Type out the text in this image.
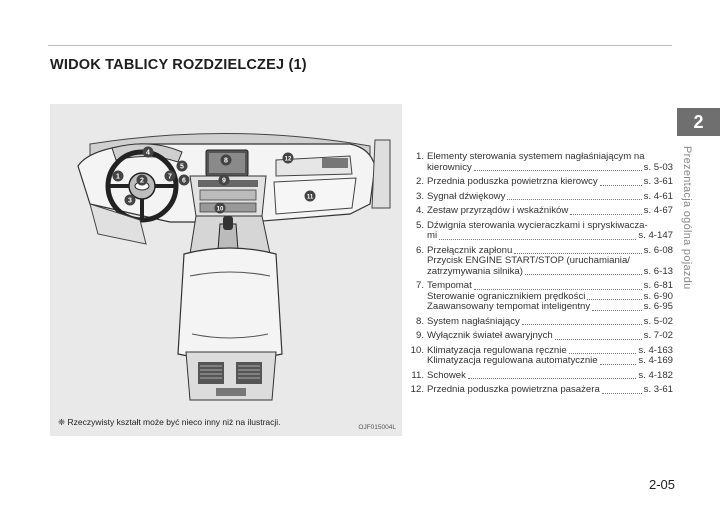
WIDOK TABLICY ROZDZIELCZEJ (1)
1
2
3
4
5
6
7
8
9
10
11
12
❈ Rzeczywisty kształt może być nieco inny niż na ilustracji.
OJF015004L
1. Elementy sterowania systemem nagłaśniającym na
kierownicy	s. 5-03
2. Przednia poduszka powietrzna kierowcy	s. 3-61
3. Sygnał dźwiękowy	s. 4-61
4. Zestaw przyrządów i wskaźników	s. 4-67
5. Dźwignia sterowania wycieraczkami i spryskiwacza-
mi	s. 4-147
6. Przełącznik zapłonu	s. 6-08
Przycisk ENGINE START/STOP (uruchamiania/
zatrzymywania silnika)	s. 6-13
7. Tempomat	s. 6-81
Sterowanie ogranicznikiem prędkości	s. 6-90
Zaawansowany tempomat inteligentny	s. 6-95
8. System nagłaśniający	s. 5-02
9. Wyłącznik świateł awaryjnych	s. 7-02
10. Klimatyzacja regulowana ręcznie	s. 4-163
Klimatyzacja regulowana automatycznie	s. 4-169
11. Schowek	s. 4-182
12. Przednia poduszka powietrzna pasażera	s. 3-61
2
Prezentacja ogólna pojazdu
2-05
